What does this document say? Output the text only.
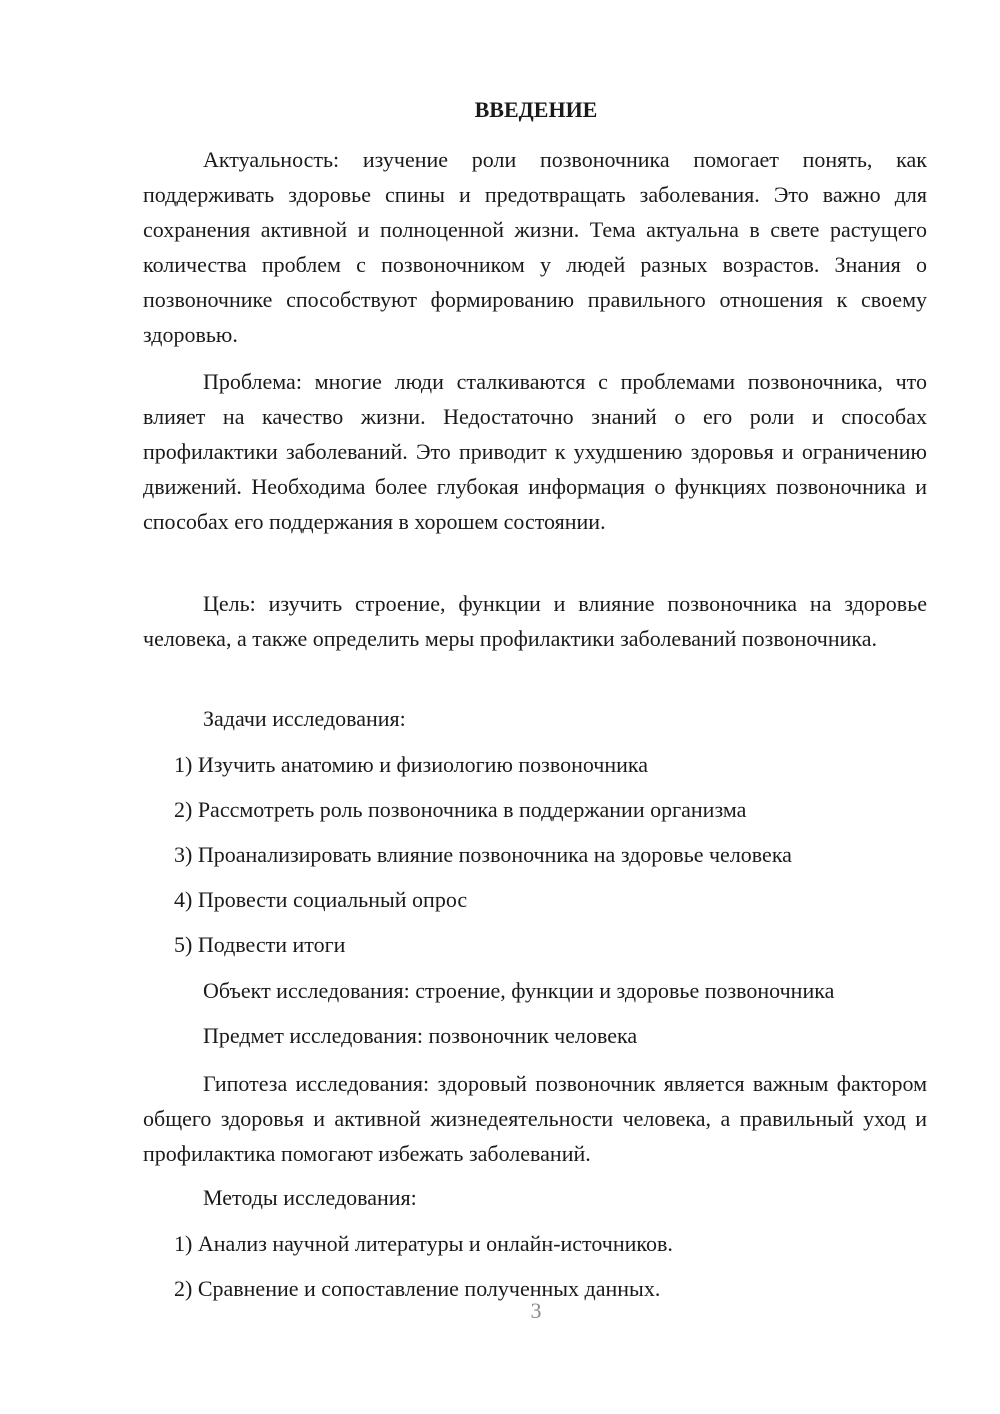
ВВЕДЕНИЕ

Актуальность: изучение роли позвоночника помогает понять, как поддерживать здоровье спины и предотвращать заболевания. Это важно для сохранения активной и полноценной жизни. Тема актуальна в свете растущего количества проблем с позвоночником у людей разных возрастов. Знания о позвоночнике способствуют формированию правильного отношения к своему здоровью.

Проблема: многие люди сталкиваются с проблемами позвоночника, что влияет на качество жизни. Недостаточно знаний о его роли и способах профилактики заболеваний. Это приводит к ухудшению здоровья и ограничению движений. Необходима более глубокая информация о функциях позвоночника и способах его поддержания в хорошем состоянии.

Цель: изучить строение, функции и влияние позвоночника на здоровье человека, а также определить меры профилактики заболеваний позвоночника.

Задачи исследования:

1) Изучить анатомию и физиологию позвоночника

2) Рассмотреть роль позвоночника в поддержании организма

3) Проанализировать влияние позвоночника на здоровье человека

4) Провести социальный опрос

5) Подвести итоги

Объект исследования: строение, функции и здоровье позвоночника

Предмет исследования: позвоночник человека

Гипотеза исследования: здоровый позвоночник является важным фактором общего здоровья и активной жизнедеятельности человека, а правильный уход и профилактика помогают избежать заболеваний.

Методы исследования:

1) Анализ научной литературы и онлайн-источников.

2) Сравнение и сопоставление полученных данных.

3
